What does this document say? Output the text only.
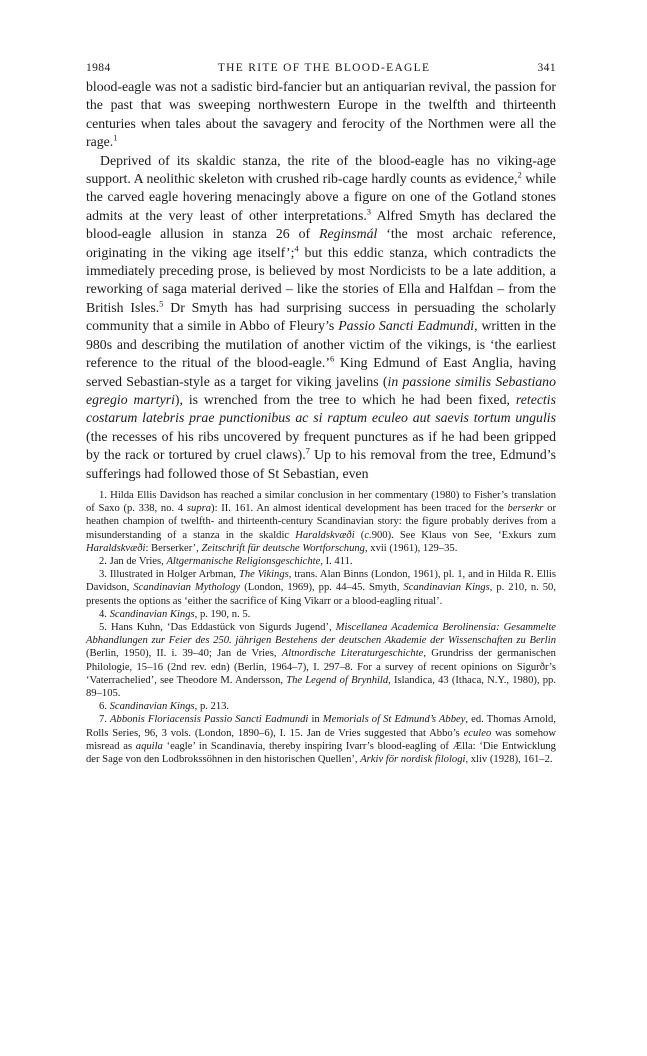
1984	THE RITE OF THE BLOOD-EAGLE	341

blood-eagle was not a sadistic bird-fancier but an antiquarian revival, the passion for the past that was sweeping northwestern Europe in the twelfth and thirteenth centuries when tales about the savagery and ferocity of the Northmen were all the rage.$^1$

Deprived of its skaldic stanza, the rite of the blood-eagle has no viking-age support. A neolithic skeleton with crushed rib-cage hardly counts as evidence,$^2$ while the carved eagle hovering menacingly above a figure on one of the Gotland stones admits at the very least of other interpretations.$^3$ Alfred Smyth has declared the blood-eagle allusion in stanza 26 of Reginsmál ‘the most archaic reference, originating in the viking age itself’;$^4$ but this eddic stanza, which contradicts the immediately preceding prose, is believed by most Nordicists to be a late addition, a reworking of saga material derived – like the stories of Ella and Halfdan – from the British Isles.$^5$ Dr Smyth has had surprising success in persuading the scholarly community that a simile in Abbo of Fleury’s Passio Sancti Eadmundi, written in the 980s and describing the mutilation of another victim of the vikings, is ‘the earliest reference to the ritual of the blood-eagle.’$^6$ King Edmund of East Anglia, having served Sebastian-style as a target for viking javelins (in passione similis Sebastiano egregio martyri), is wrenched from the tree to which he had been fixed, retectis costarum latebris prae punctionibus ac si raptum eculeo aut saevis tortum ungulis (the recesses of his ribs uncovered by frequent punctures as if he had been gripped by the rack or tortured by cruel claws).$^7$ Up to his removal from the tree, Edmund’s sufferings had followed those of St Sebastian, even

1. Hilda Ellis Davidson has reached a similar conclusion in her commentary (1980) to Fisher’s translation of Saxo (p. 338, no. 4 supra): II. 161. An almost identical development has been traced for the berserkr or heathen champion of twelfth- and thirteenth-century Scandinavian story: the figure probably derives from a misunderstanding of a stanza in the skaldic Haraldskvæði (c.900). See Klaus von See, ‘Exkurs zum Haraldskvæði: Berserker’, Zeitschrift für deutsche Wortforschung, xvii (1961), 129–35.

2. Jan de Vries, Altgermanische Religionsgeschichte, I. 411.

3. Illustrated in Holger Arbman, The Vikings, trans. Alan Binns (London, 1961), pl. 1, and in Hilda R. Ellis Davidson, Scandinavian Mythology (London, 1969), pp. 44–45. Smyth, Scandinavian Kings, p. 210, n. 50, presents the options as ‘either the sacrifice of King Vikarr or a blood-eagling ritual’.

4. Scandinavian Kings, p. 190, n. 5.

5. Hans Kuhn, ‘Das Eddastück von Sigurds Jugend’, Miscellanea Academica Berolinensia: Gesammelte Abhandlungen zur Feier des 250. jährigen Bestehens der deutschen Akademie der Wissenschaften zu Berlin (Berlin, 1950), II. i. 39–40; Jan de Vries, Altnordische Literaturgeschichte, Grundriss der germanischen Philologie, 15–16 (2nd rev. edn) (Berlin, 1964–7), I. 297–8. For a survey of recent opinions on Sigurðr’s ‘Vaterrachelied’, see Theodore M. Andersson, The Legend of Brynhild, Islandica, 43 (Ithaca, N.Y., 1980), pp. 89–105.

6. Scandinavian Kings, p. 213.

7. Abbonis Floriacensis Passio Sancti Eadmundi in Memorials of St Edmund’s Abbey, ed. Thomas Arnold, Rolls Series, 96, 3 vols. (London, 1890–6), I. 15. Jan de Vries suggested that Abbo’s eculeo was somehow misread as aquila ‘eagle’ in Scandinavia, thereby inspiring Ivarr’s blood-eagling of Ælla: ‘Die Entwicklung der Sage von den Lodbrokssöhnen in den historischen Quellen’, Arkiv för nordisk filologi, xliv (1928), 161–2.
